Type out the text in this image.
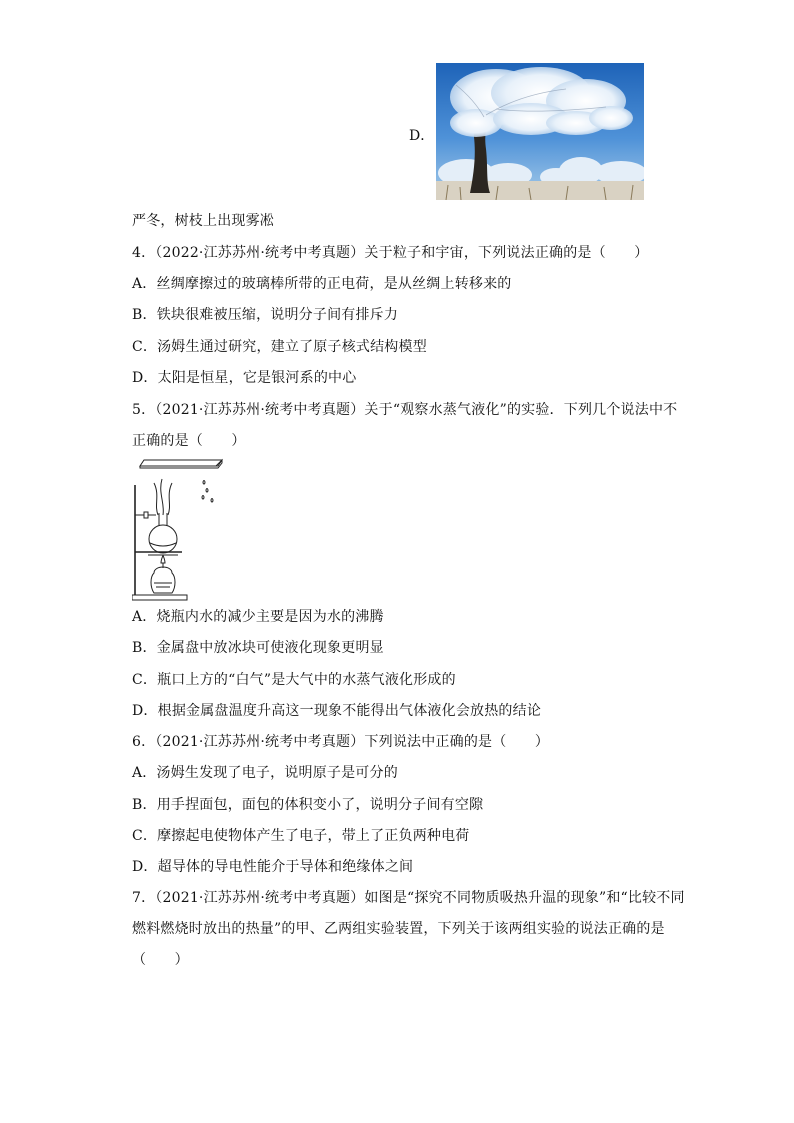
D．
严冬，树枝上出现雾凇
4．（2022·江苏苏州·统考中考真题）关于粒子和宇宙，下列说法正确的是（　　）
A．丝绸摩擦过的玻璃棒所带的正电荷，是从丝绸上转移来的
B．铁块很难被压缩，说明分子间有排斥力
C．汤姆生通过研究，建立了原子核式结构模型
D．太阳是恒星，它是银河系的中心
5．（2021·江苏苏州·统考中考真题）关于“观察水蒸气液化”的实验．下列几个说法中不
正确的是（　　）
A．烧瓶内水的减少主要是因为水的沸腾
B．金属盘中放冰块可使液化现象更明显
C．瓶口上方的“白气”是大气中的水蒸气液化形成的
D．根据金属盘温度升高这一现象不能得出气体液化会放热的结论
6．（2021·江苏苏州·统考中考真题）下列说法中正确的是（　　）
A．汤姆生发现了电子，说明原子是可分的
B．用手捏面包，面包的体积变小了，说明分子间有空隙
C．摩擦起电使物体产生了电子，带上了正负两种电荷
D．超导体的导电性能介于导体和绝缘体之间
7．（2021·江苏苏州·统考中考真题）如图是“探究不同物质吸热升温的现象”和“比较不同
燃料燃烧时放出的热量”的甲、乙两组实验装置，下列关于该两组实验的说法正确的是
（　　）
